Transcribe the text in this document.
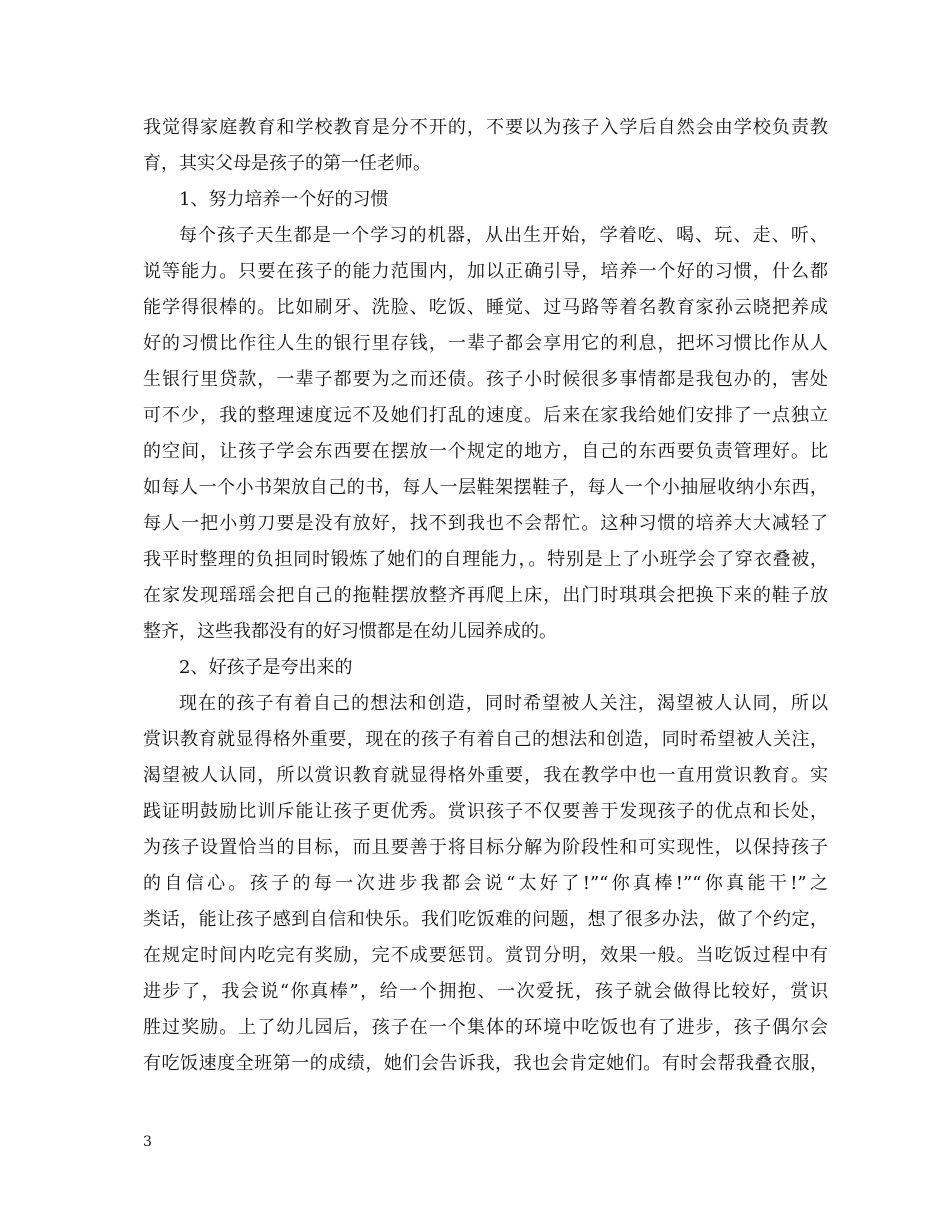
我觉得家庭教育和学校教育是分不开的，不要以为孩子入学后自然会由学校负责教
育，其实父母是孩子的第一任老师。
1、努力培养一个好的习惯
每个孩子天生都是一个学习的机器，从出生开始，学着吃、喝、玩、走、听、
说等能力。只要在孩子的能力范围内，加以正确引导，培养一个好的习惯，什么都
能学得很棒的。比如刷牙、洗脸、吃饭、睡觉、过马路等着名教育家孙云晓把养成
好的习惯比作往人生的银行里存钱，一辈子都会享用它的利息，把坏习惯比作从人
生银行里贷款，一辈子都要为之而还债。孩子小时候很多事情都是我包办的，害处
可不少，我的整理速度远不及她们打乱的速度。后来在家我给她们安排了一点独立
的空间，让孩子学会东西要在摆放一个规定的地方，自己的东西要负责管理好。比
如每人一个小书架放自己的书，每人一层鞋架摆鞋子，每人一个小抽屉收纳小东西，
每人一把小剪刀要是没有放好，找不到我也不会帮忙。这种习惯的培养大大减轻了
我平时整理的负担同时锻炼了她们的自理能力，。特别是上了小班学会了穿衣叠被，
在家发现瑶瑶会把自己的拖鞋摆放整齐再爬上床，出门时琪琪会把换下来的鞋子放
整齐，这些我都没有的好习惯都是在幼儿园养成的。
2、好孩子是夸出来的
现在的孩子有着自己的想法和创造，同时希望被人关注，渴望被人认同，所以
赏识教育就显得格外重要，现在的孩子有着自己的想法和创造，同时希望被人关注，
渴望被人认同，所以赏识教育就显得格外重要，我在教学中也一直用赏识教育。实
践证明鼓励比训斥能让孩子更优秀。赏识孩子不仅要善于发现孩子的优点和长处，
为孩子设置恰当的目标，而且要善于将目标分解为阶段性和可实现性，以保持孩子
的自信心。孩子的每一次进步我都会说“太好了!”“你真棒!”“你真能干!”之
类话，能让孩子感到自信和快乐。我们吃饭难的问题，想了很多办法，做了个约定，
在规定时间内吃完有奖励，完不成要惩罚。赏罚分明，效果一般。当吃饭过程中有
进步了，我会说“你真棒”，给一个拥抱、一次爱抚，孩子就会做得比较好，赏识
胜过奖励。上了幼儿园后，孩子在一个集体的环境中吃饭也有了进步，孩子偶尔会
有吃饭速度全班第一的成绩，她们会告诉我，我也会肯定她们。有时会帮我叠衣服，
3
